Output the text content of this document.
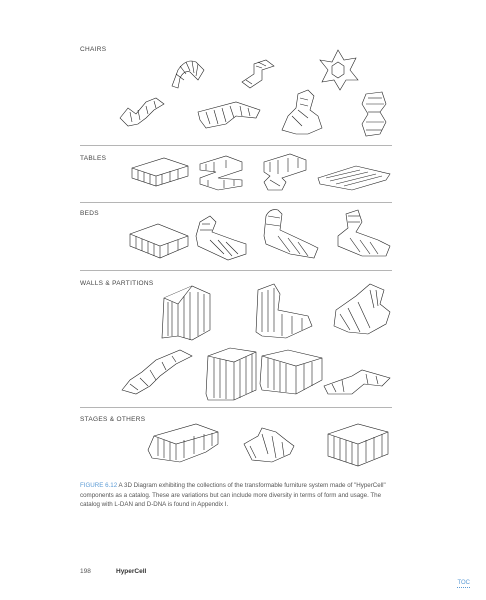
CHAIRS
TABLES
BEDS
WALLS & PARTITIONS
STAGES & OTHERS
FIGURE 6.12 A 3D Diagram exhibiting the collections of the transformable furniture system made of "HyperCell" components as a catalog. These are variations but can include more diversity in terms of form and usage. The catalog with L-DAN and D-DNA is found in Appendix I.
198	HyperCell
TOC
